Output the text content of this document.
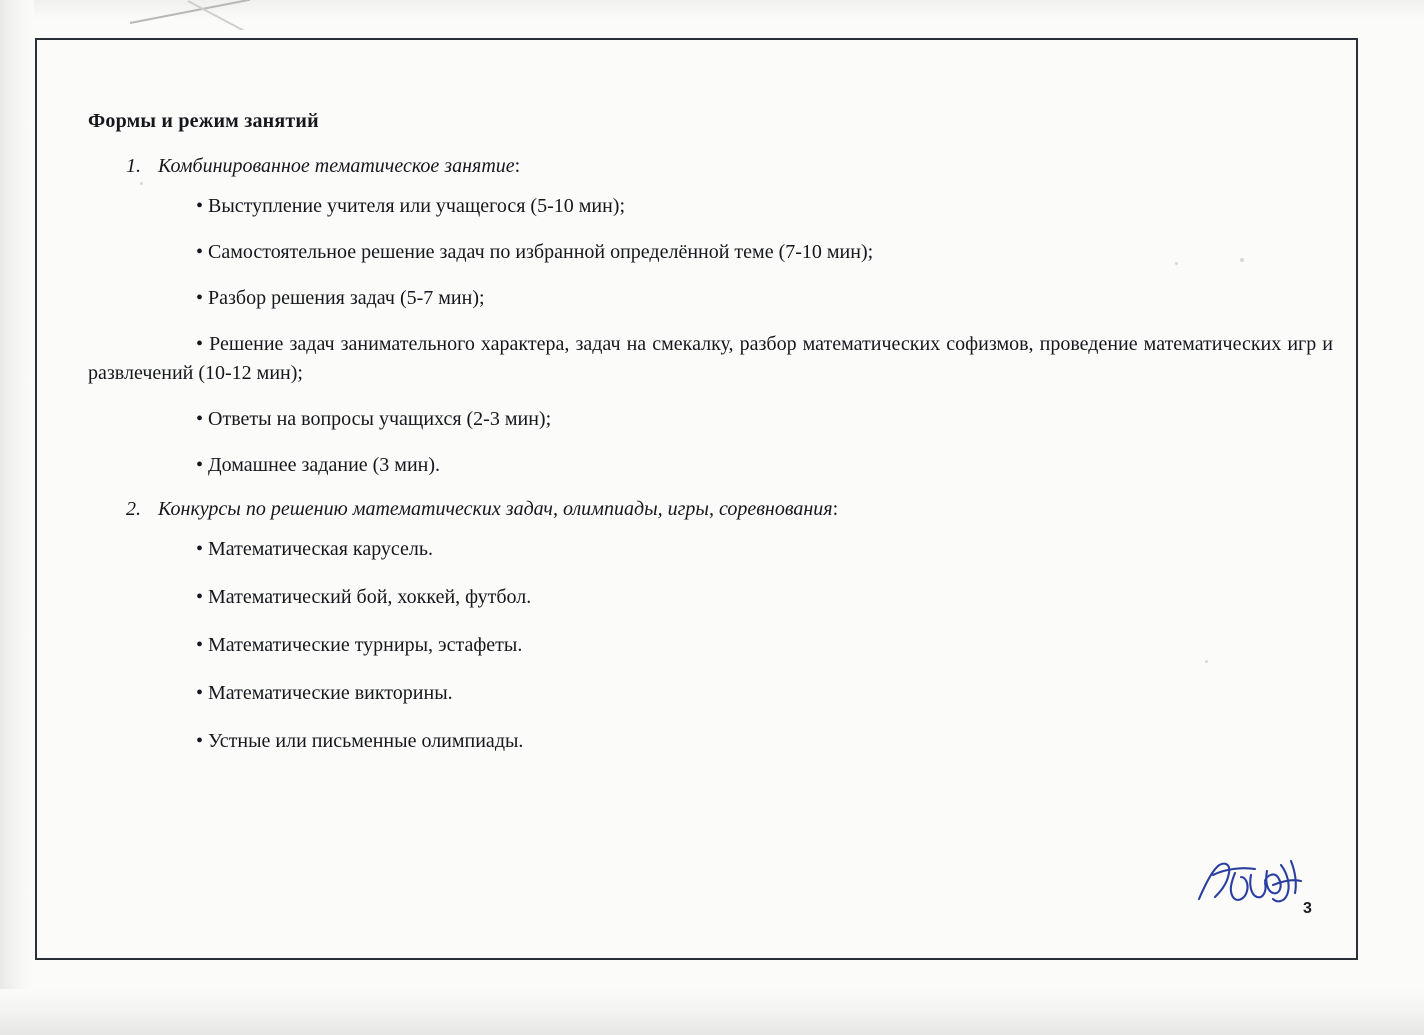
Формы и режим занятий
1. Комбинированное тематическое занятие:
• Выступление учителя или учащегося (5-10 мин);
• Самостоятельное решение задач по избранной определённой теме (7-10 мин);
• Разбор решения задач (5-7 мин);
• Решение задач занимательного характера, задач на смекалку, разбор математических софизмов, проведение математических игр и развлечений (10-12 мин);
• Ответы на вопросы учащихся (2-3 мин);
• Домашнее задание (3 мин).
2. Конкурсы по решению математических задач, олимпиады, игры, соревнования:
• Математическая карусель.
• Математический бой, хоккей, футбол.
• Математические турниры, эстафеты.
• Математические викторины.
• Устные или письменные олимпиады.
3
